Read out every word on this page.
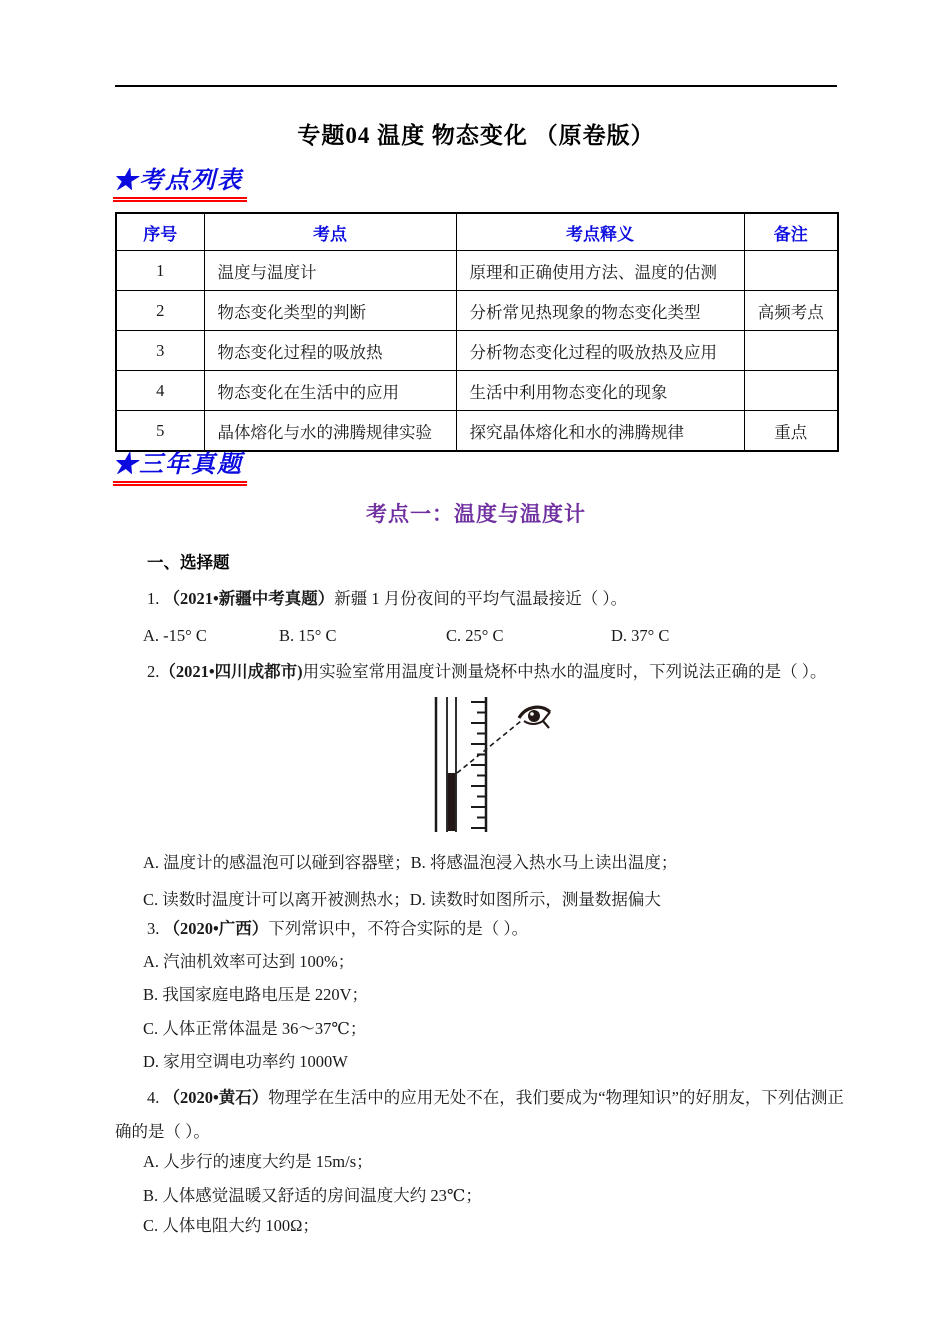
专题04 温度 物态变化 （原卷版）
★考点列表
序号	考点	考点释义	备注
1	温度与温度计	原理和正确使用方法、温度的估测	
2	物态变化类型的判断	分析常见热现象的物态变化类型	高频考点
3	物态变化过程的吸放热	分析物态变化过程的吸放热及应用	
4	物态变化在生活中的应用	生活中利用物态变化的现象	
5	晶体熔化与水的沸腾规律实验	探究晶体熔化和水的沸腾规律	重点
★三年真题
考点一：温度与温度计
一、选择题

1. （2021•新疆中考真题）新疆 1 月份夜间的平均气温最接近（ ）。

A. -15° C	B. 15° C	C. 25° C	D. 37° C

2.（2021•四川成都市)用实验室常用温度计测量烧杯中热水的温度时，下列说法正确的是（ ）。

A. 温度计的感温泡可以碰到容器壁；B. 将感温泡浸入热水马上读出温度；

C. 读数时温度计可以离开被测热水；D. 读数时如图所示，测量数据偏大

3. （2020•广西）下列常识中，不符合实际的是（ ）。

A. 汽油机效率可达到 100%；

B. 我国家庭电路电压是 220V；

C. 人体正常体温是 36～37℃；

D. 家用空调电功率约 1000W

4. （2020•黄石）物理学在生活中的应用无处不在，我们要成为“物理知识”的好朋友，下列估测正确的是（ ）。

A. 人步行的速度大约是 15m/s；

B. 人体感觉温暖又舒适的房间温度大约 23℃；

C. 人体电阻大约 100Ω；
